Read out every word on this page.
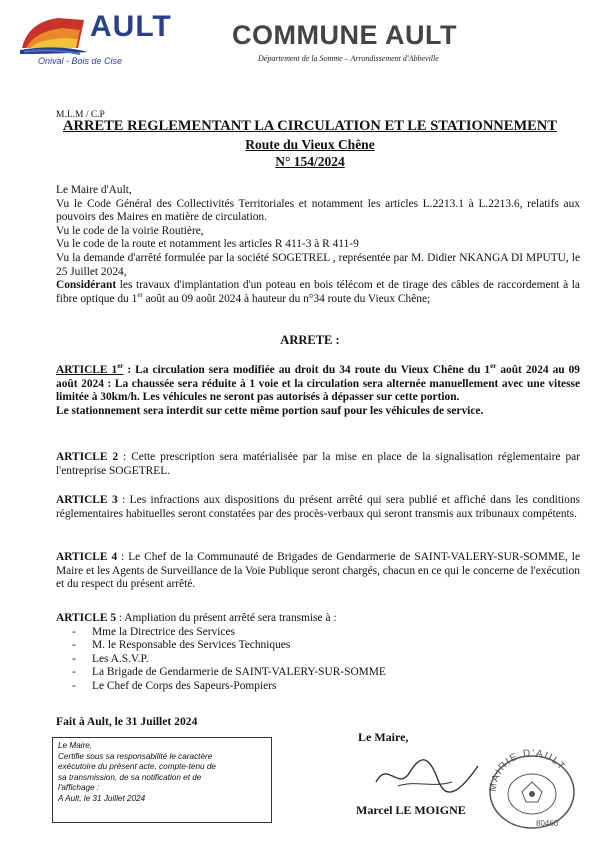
AULT
Onival - Bois de Cise
COMMUNE AULT
Département de la Somme – Arrondissement d'Abbeville
M.L.M / C.P
ARRETE REGLEMENTANT LA CIRCULATION ET LE STATIONNEMENT
Route du Vieux Chêne
N° 154/2024

Le Maire d'Ault,

Vu le Code Général des Collectivités Territoriales et notamment les articles L.2213.1 à L.2213.6, relatifs aux pouvoirs des Maires en matière de circulation.

Vu le code de la voirie Routière,

Vu le code de la route et notamment les articles R 411-3 à R 411-9

Vu la demande d'arrêté formulée par la société SOGETREL , représentée par M. Didier NKANGA DI MPUTU, le 25 Juillet 2024,

Considérant les travaux d'implantation d'un poteau en bois télécom et de tirage des câbles de raccordement à la fibre optique du 1er août au 09 août 2024 à hauteur du n°34 route du Vieux Chêne;

ARRETE :

ARTICLE 1er : La circulation sera modifiée au droit du 34 route du Vieux Chêne du 1er août 2024 au 09 août 2024 : La chaussée sera réduite à 1 voie et la circulation sera alternée manuellement avec une vitesse limitée à 30km/h. Les véhicules ne seront pas autorisés à dépasser sur cette portion.

Le stationnement sera interdit sur cette même portion sauf pour les véhicules de service.

ARTICLE 2 : Cette prescription sera matérialisée par la mise en place de la signalisation réglementaire par l'entreprise SOGETREL.

ARTICLE 3 : Les infractions aux dispositions du présent arrêté qui sera publié et affiché dans les conditions réglementaires habituelles seront constatées par des procès-verbaux qui seront transmis aux tribunaux compétents.

ARTICLE 4 : Le Chef de la Communauté de Brigades de Gendarmerie de SAINT-VALERY-SUR-SOMME, le Maire et les Agents de Surveillance de la Voie Publique seront chargés, chacun en ce qui le concerne de l'exécution et du respect du présent arrêté.

ARTICLE 5 : Ampliation du présent arrêté sera transmise à :

- Mme la Directrice des Services
- M. le Responsable des Services Techniques
- Les A.S.V.P.
- La Brigade de Gendarmerie de SAINT-VALERY-SUR-SOMME
- Le Chef de Corps des Sapeurs-Pompiers
Fait à Ault, le 31 Juillet 2024
Le Maire,
Certifie sous sa responsabilité le caractère
exécutoire du présent acte, compte-tenu de
sa transmission, de sa notification et de
l'affichage :
A Ault, le 31 Juillet 2024
Le Maire,
Marcel LE MOIGNE
MAIRIE D'AULT
80460
